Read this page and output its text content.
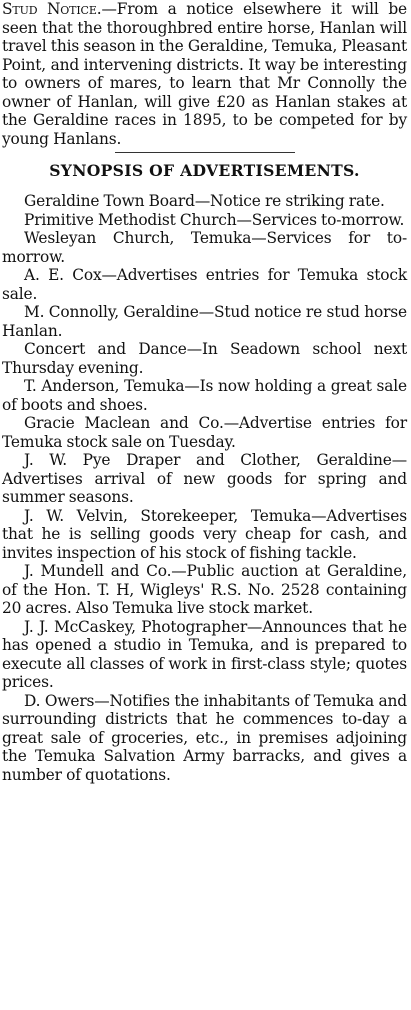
Stud Notice.—From a notice elsewhere it will be seen that the thoroughbred entire horse, Hanlan will travel this season in the Geraldine, Temuka, Pleasant Point, and intervening districts. It way be interesting to owners of mares, to learn that Mr Connolly the owner of Hanlan, will give £20 as Hanlan stakes at the Geraldine races in 1895, to be competed for by young Hanlans.

SYNOPSIS OF ADVERTISEMENTS.

Geraldine Town Board—Notice re striking rate.

Primitive Methodist Church—Services to-morrow.

Wesleyan Church, Temuka—Services for to-morrow.

A. E. Cox—Advertises entries for Temuka stock sale.

M. Connolly, Geraldine—Stud notice re stud horse Hanlan.

Concert and Dance—In Seadown school next Thursday evening.

T. Anderson, Temuka—Is now holding a great sale of boots and shoes.

Gracie Maclean and Co.—Advertise entries for Temuka stock sale on Tuesday.

J. W. Pye Draper and Clother, Geraldine—Advertises arrival of new goods for spring and summer seasons.

J. W. Velvin, Storekeeper, Temuka—Advertises that he is selling goods very cheap for cash, and invites inspection of his stock of fishing tackle.

J. Mundell and Co.—Public auction at Geraldine, of the Hon. T. H, Wigleys' R.S. No. 2528 containing 20 acres. Also Temuka live stock market.

J. J. McCaskey, Photographer—Announces that he has opened a studio in Temuka, and is prepared to execute all classes of work in first-class style; quotes prices.

D. Owers—Notifies the inhabitants of Temuka and surrounding districts that he commences to-day a great sale of groceries, etc., in premises adjoining the Temuka Salvation Army barracks, and gives a number of quotations.
